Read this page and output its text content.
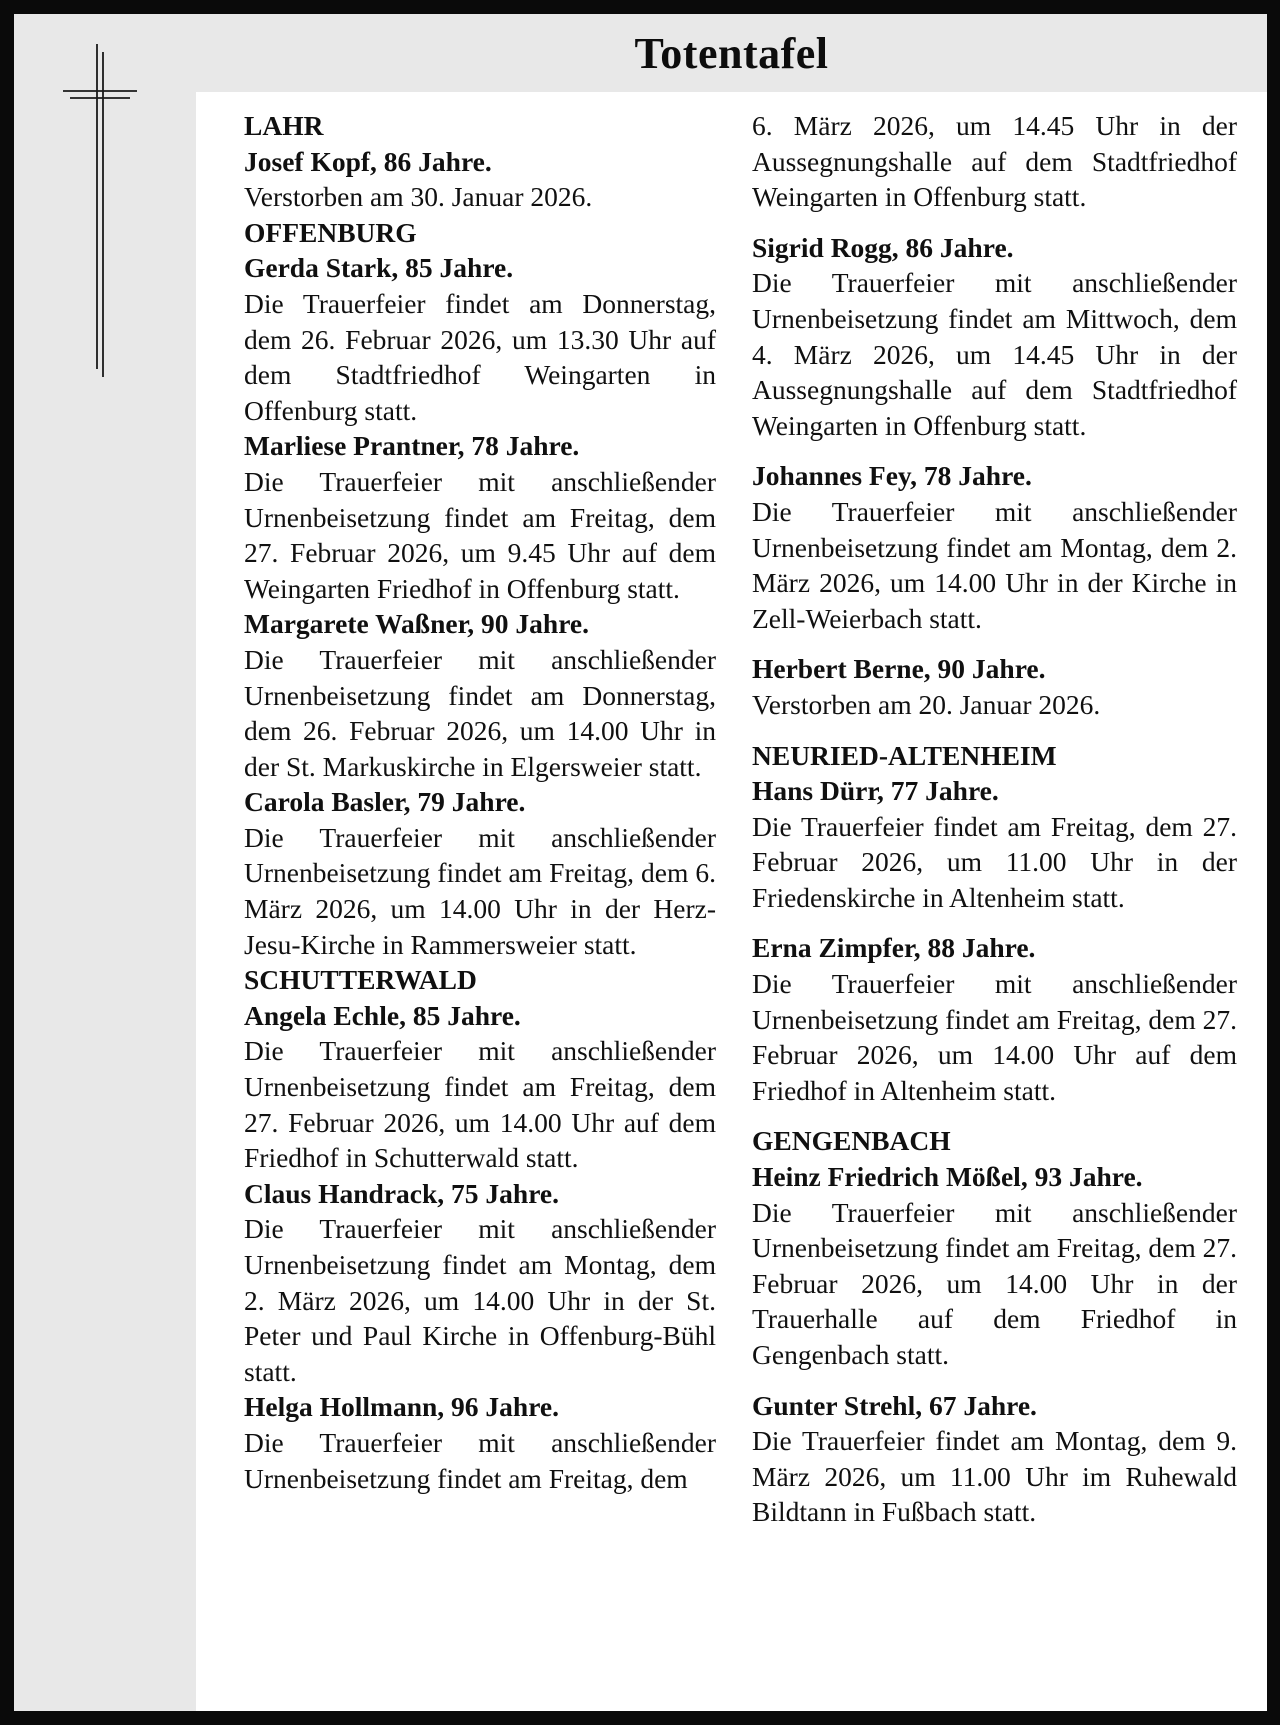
Totentafel
LAHR
Josef Kopf, 86 Jahre.
Verstorben am 30. Januar 2026.
OFFENBURG
Gerda Stark, 85 Jahre.
Die Trauerfeier findet am Donnerstag, dem 26. Februar 2026, um 13.30 Uhr auf dem Stadtfriedhof Weingarten in Offenburg statt.
Marliese Prantner, 78 Jahre.
Die Trauerfeier mit anschließender Urnenbeisetzung findet am Freitag, dem 27. Februar 2026, um 9.45 Uhr auf dem Weingarten Friedhof in Offenburg statt.
Margarete Waßner, 90 Jahre.
Die Trauerfeier mit anschließender Urnenbeisetzung findet am Donnerstag, dem 26. Februar 2026, um 14.00 Uhr in der St. Markuskirche in Elgersweier statt.
Carola Basler, 79 Jahre.
Die Trauerfeier mit anschließender Urnenbeisetzung findet am Freitag, dem 6. März 2026, um 14.00 Uhr in der Herz-Jesu-Kirche in Rammersweier statt.
SCHUTTERWALD
Angela Echle, 85 Jahre.
Die Trauerfeier mit anschließender Urnenbeisetzung findet am Freitag, dem 27. Februar 2026, um 14.00 Uhr auf dem Friedhof in Schutterwald statt.
Claus Handrack, 75 Jahre.
Die Trauerfeier mit anschließender Urnenbeisetzung findet am Montag, dem 2. März 2026, um 14.00 Uhr in der St. Peter und Paul Kirche in Offenburg-Bühl statt.
Helga Hollmann, 96 Jahre.
Die Trauerfeier mit anschließender Urnenbeisetzung findet am Freitag, dem
6. März 2026, um 14.45 Uhr in der Aussegnungshalle auf dem Stadtfriedhof Weingarten in Offenburg statt.
Sigrid Rogg, 86 Jahre.
Die Trauerfeier mit anschließender Urnenbeisetzung findet am Mittwoch, dem 4. März 2026, um 14.45 Uhr in der Aussegnungshalle auf dem Stadtfriedhof Weingarten in Offenburg statt.
Johannes Fey, 78 Jahre.
Die Trauerfeier mit anschließender Urnenbeisetzung findet am Montag, dem 2. März 2026, um 14.00 Uhr in der Kirche in Zell-Weierbach statt.
Herbert Berne, 90 Jahre.
Verstorben am 20. Januar 2026.
NEURIED-ALTENHEIM
Hans Dürr, 77 Jahre.
Die Trauerfeier findet am Freitag, dem 27. Februar 2026, um 11.00 Uhr in der Friedenskirche in Altenheim statt.
Erna Zimpfer, 88 Jahre.
Die Trauerfeier mit anschließender Urnenbeisetzung findet am Freitag, dem 27. Februar 2026, um 14.00 Uhr auf dem Friedhof in Altenheim statt.
GENGENBACH
Heinz Friedrich Mößel, 93 Jahre.
Die Trauerfeier mit anschließender Urnenbeisetzung findet am Freitag, dem 27. Februar 2026, um 14.00 Uhr in der Trauerhalle auf dem Friedhof in Gengenbach statt.
Gunter Strehl, 67 Jahre.
Die Trauerfeier findet am Montag, dem 9. März 2026, um 11.00 Uhr im Ruhewald Bildtann in Fußbach statt.
